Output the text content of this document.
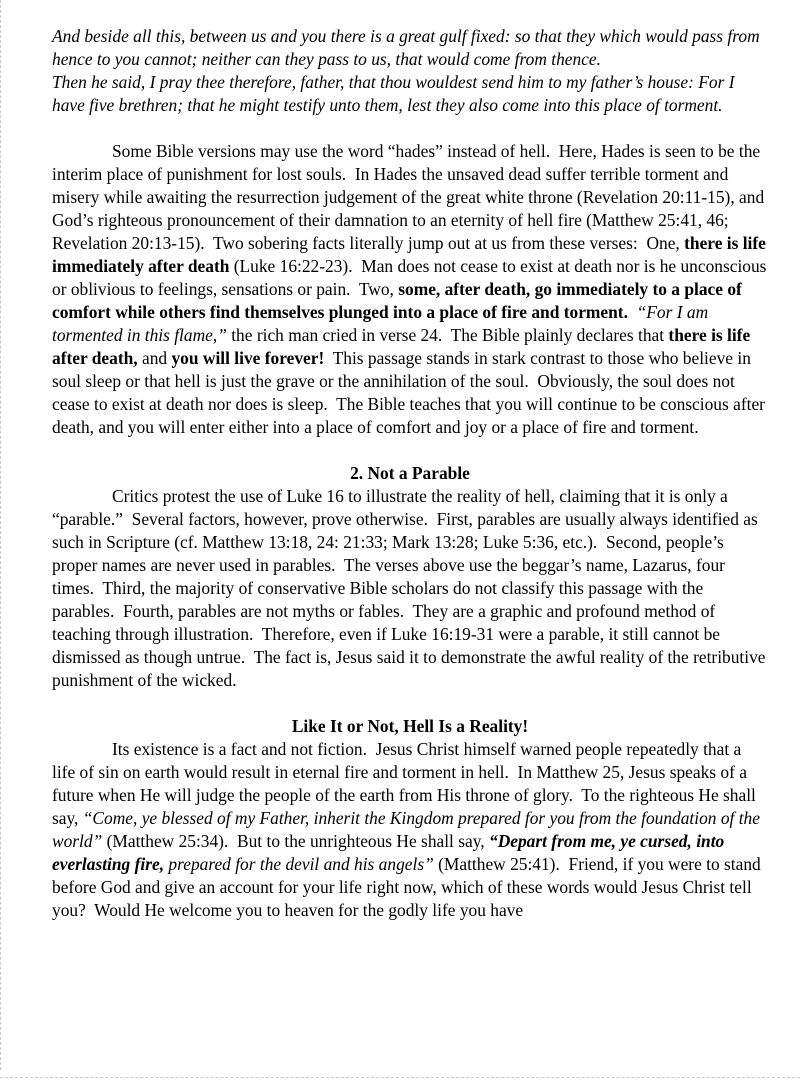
And beside all this, between us and you there is a great gulf fixed: so that they which would pass from hence to you cannot; neither can they pass to us, that would come from thence.

Then he said, I pray thee therefore, father, that thou wouldest send him to my father’s house: For I have five brethren; that he might testify unto them, lest they also come into this place of torment.

Some Bible versions may use the word “hades” instead of hell.  Here, Hades is seen to be the interim place of punishment for lost souls.  In Hades the unsaved dead suffer terrible torment and misery while awaiting the resurrection judgement of the great white throne (Revelation 20:11-15), and God’s righteous pronouncement of their damnation to an eternity of hell fire (Matthew 25:41, 46; Revelation 20:13-15).  Two sobering facts literally jump out at us from these verses:  One, there is life immediately after death (Luke 16:22-23).  Man does not cease to exist at death nor is he unconscious or oblivious to feelings, sensations or pain.  Two, some, after death, go immediately to a place of comfort while others find themselves plunged into a place of fire and torment. “For I am tormented in this flame,” the rich man cried in verse 24.  The Bible plainly declares that there is life after death, and you will live forever!  This passage stands in stark contrast to those who believe in soul sleep or that hell is just the grave or the annihilation of the soul.  Obviously, the soul does not cease to exist at death nor does is sleep.  The Bible teaches that you will continue to be conscious after death, and you will enter either into a place of comfort and joy or a place of fire and torment.

2. Not a Parable

Critics protest the use of Luke 16 to illustrate the reality of hell, claiming that it is only a “parable.”  Several factors, however, prove otherwise.  First, parables are usually always identified as such in Scripture (cf. Matthew 13:18, 24: 21:33; Mark 13:28; Luke 5:36, etc.).  Second, people’s proper names are never used in parables.  The verses above use the beggar’s name, Lazarus, four times.  Third, the majority of conservative Bible scholars do not classify this passage with the parables.  Fourth, parables are not myths or fables.  They are a graphic and profound method of teaching through illustration.  Therefore, even if Luke 16:19-31 were a parable, it still cannot be dismissed as though untrue.  The fact is, Jesus said it to demonstrate the awful reality of the retributive punishment of the wicked.

Like It or Not, Hell Is a Reality!

Its existence is a fact and not fiction.  Jesus Christ himself warned people repeatedly that a life of sin on earth would result in eternal fire and torment in hell.  In Matthew 25, Jesus speaks of a future when He will judge the people of the earth from His throne of glory.  To the righteous He shall say, “Come, ye blessed of my Father, inherit the Kingdom prepared for you from the foundation of the world” (Matthew 25:34).  But to the unrighteous He shall say, “Depart from me, ye cursed, into everlasting fire, prepared for the devil and his angels” (Matthew 25:41).  Friend, if you were to stand before God and give an account for your life right now, which of these words would Jesus Christ tell you?  Would He welcome you to heaven for the godly life you have
